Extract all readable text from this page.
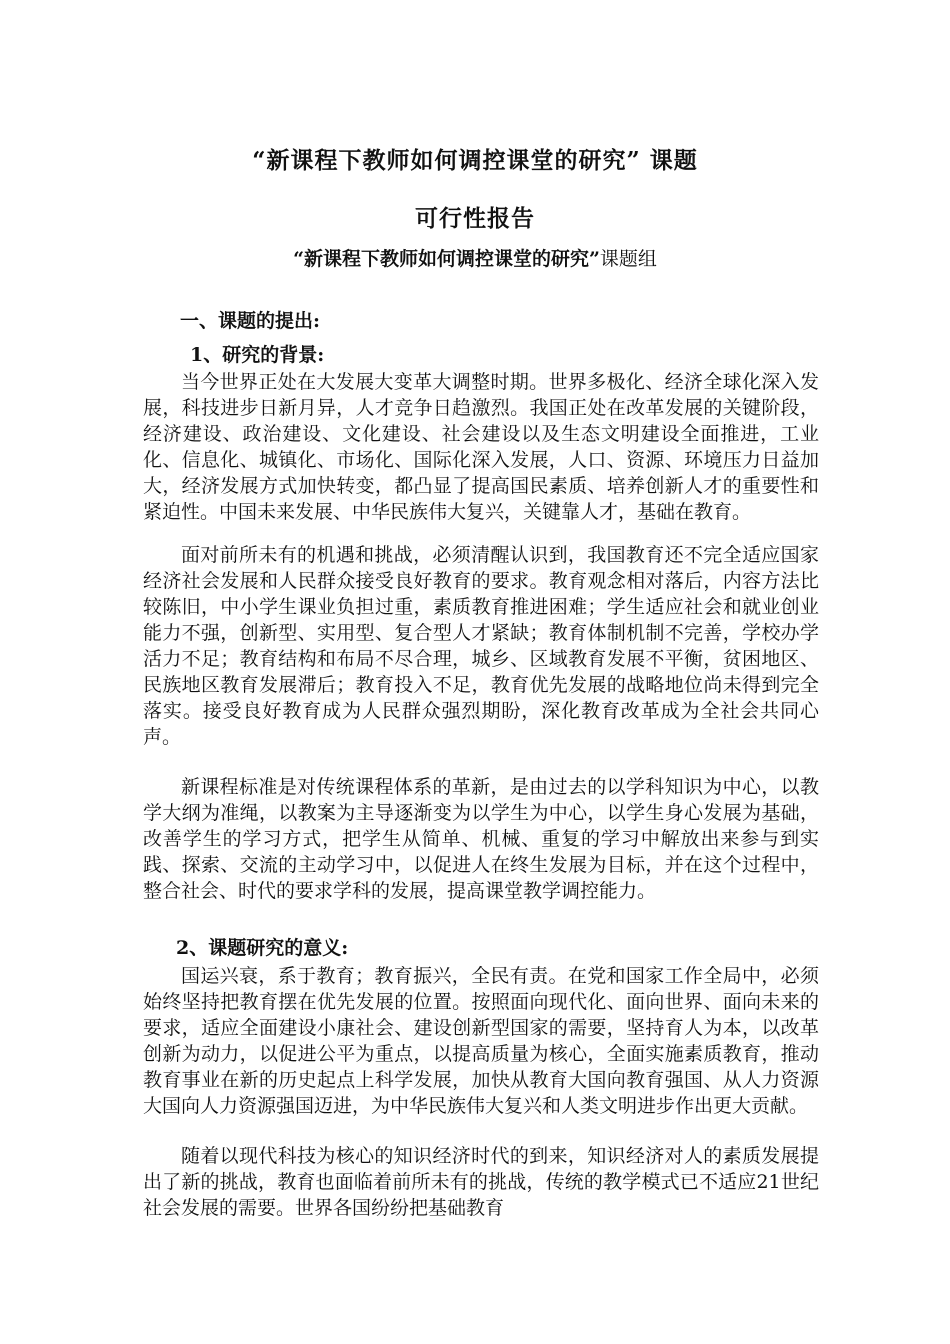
“新课程下教师如何调控课堂的研究” 课题
可行性报告
“新课程下教师如何调控课堂的研究”课题组
一、课题的提出:
1、研究的背景:

当今世界正处在大发展大变革大调整时期。世界多极化、经济全球化深入发展，科技进步日新月异，人才竞争日趋激烈。我国正处在改革发展的关键阶段，经济建设、政治建设、文化建设、社会建设以及生态文明建设全面推进，工业化、信息化、城镇化、市场化、国际化深入发展，人口、资源、环境压力日益加大，经济发展方式加快转变，都凸显了提高国民素质、培养创新人才的重要性和紧迫性。中国未来发展、中华民族伟大复兴，关键靠人才，基础在教育。

面对前所未有的机遇和挑战，必须清醒认识到，我国教育还不完全适应国家经济社会发展和人民群众接受良好教育的要求。教育观念相对落后，内容方法比较陈旧，中小学生课业负担过重，素质教育推进困难；学生适应社会和就业创业能力不强，创新型、实用型、复合型人才紧缺；教育体制机制不完善，学校办学活力不足；教育结构和布局不尽合理，城乡、区域教育发展不平衡，贫困地区、民族地区教育发展滞后；教育投入不足，教育优先发展的战略地位尚未得到完全落实。接受良好教育成为人民群众强烈期盼，深化教育改革成为全社会共同心声。

新课程标准是对传统课程体系的革新，是由过去的以学科知识为中心，以教学大纲为准绳，以教案为主导逐渐变为以学生为中心，以学生身心发展为基础，改善学生的学习方式，把学生从简单、机械、重复的学习中解放出来参与到实践、探索、交流的主动学习中，以促进人在终生发展为目标，并在这个过程中，整合社会、时代的要求学科的发展，提高课堂教学调控能力。

2、课题研究的意义:

国运兴衰，系于教育；教育振兴，全民有责。在党和国家工作全局中，必须始终坚持把教育摆在优先发展的位置。按照面向现代化、面向世界、面向未来的要求，适应全面建设小康社会、建设创新型国家的需要，坚持育人为本，以改革创新为动力，以促进公平为重点，以提高质量为核心，全面实施素质教育，推动教育事业在新的历史起点上科学发展，加快从教育大国向教育强国、从人力资源大国向人力资源强国迈进，为中华民族伟大复兴和人类文明进步作出更大贡献。

随着以现代科技为核心的知识经济时代的到来，知识经济对人的素质发展提出了新的挑战，教育也面临着前所未有的挑战，传统的教学模式已不适应21世纪社会发展的需要。世界各国纷纷把基础教育
